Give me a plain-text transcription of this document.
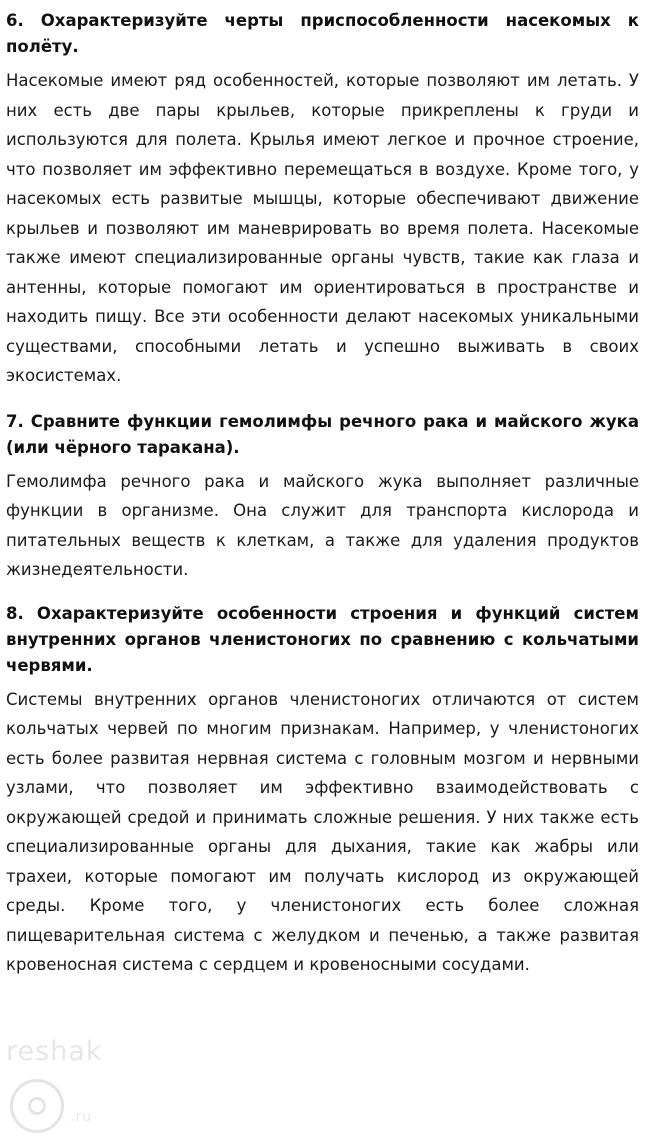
6. Охарактеризуйте черты приспособленности насекомых к полёту.

Насекомые имеют ряд особенностей, которые позволяют им летать. У них есть две пары крыльев, которые прикреплены к груди и используются для полета. Крылья имеют легкое и прочное строение, что позволяет им эффективно перемещаться в воздухе. Кроме того, у насекомых есть развитые мышцы, которые обеспечивают движение крыльев и позволяют им маневрировать во время полета. Насекомые также имеют специализированные органы чувств, такие как глаза и антенны, которые помогают им ориентироваться в пространстве и находить пищу. Все эти особенности делают насекомых уникальными существами, способными летать и успешно выживать в своих экосистемах.

7. Сравните функции гемолимфы речного рака и майского жука (или чёрного таракана).

Гемолимфа речного рака и майского жука выполняет различные функции в организме. Она служит для транспорта кислорода и питательных веществ к клеткам, а также для удаления продуктов жизнедеятельности.

8. Охарактеризуйте особенности строения и функций систем внутренних органов членистоногих по сравнению с кольчатыми червями.

Системы внутренних органов членистоногих отличаются от систем кольчатых червей по многим признакам. Например, у членистоногих есть более развитая нервная система с головным мозгом и нервными узлами, что позволяет им эффективно взаимодействовать с окружающей средой и принимать сложные решения. У них также есть специализированные органы для дыхания, такие как жабры или трахеи, которые помогают им получать кислород из окружающей среды. Кроме того, у членистоногих есть более сложная пищеварительная система с желудком и печенью, а также развитая кровеносная система с сердцем и кровеносными сосудами.

reshak
.ru
